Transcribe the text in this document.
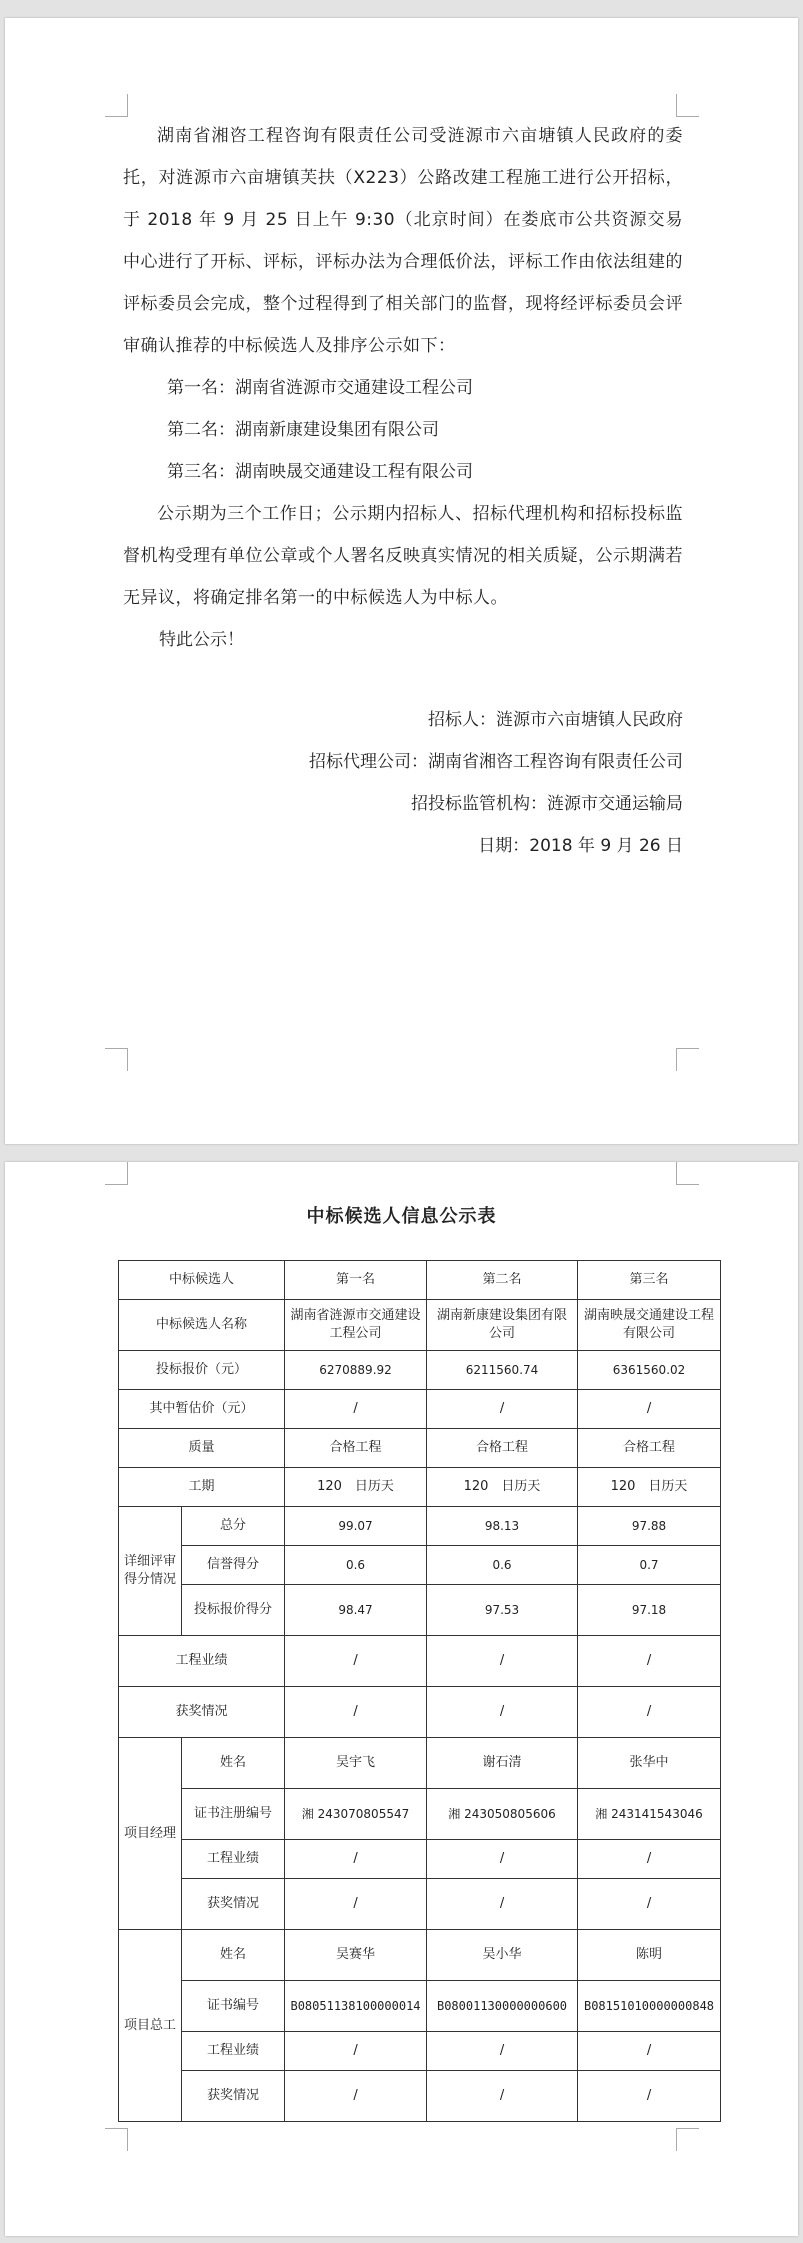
湖南省湘咨工程咨询有限责任公司受涟源市六亩塘镇人民政府的委托，对涟源市六亩塘镇芙扶（X223）公路改建工程施工进行公开招标，于 2018 年 9 月 25 日上午 9:30（北京时间）在娄底市公共资源交易中心进行了开标、评标，评标办法为合理低价法，评标工作由依法组建的评标委员会完成，整个过程得到了相关部门的监督，现将经评标委员会评审确认推荐的中标候选人及排序公示如下：

第一名：湖南省涟源市交通建设工程公司

第二名：湖南新康建设集团有限公司

第三名：湖南映晟交通建设工程有限公司

公示期为三个工作日；公示期内招标人、招标代理机构和招标投标监督机构受理有单位公章或个人署名反映真实情况的相关质疑，公示期满若无异议，将确定排名第一的中标候选人为中标人。

特此公示！

招标人：涟源市六亩塘镇人民政府
招标代理公司：湖南省湘咨工程咨询有限责任公司
招投标监管机构：涟源市交通运输局
日期：2018 年 9 月 26 日
中标候选人信息公示表
中标候选人		第一名	第二名	第三名
中标候选人名称		湖南省涟源市交通建设工程公司	湖南新康建设集团有限公司	湖南映晟交通建设工程有限公司
投标报价（元）		6270889.92	6211560.74	6361560.02
其中暂估价（元）		/	/	/
质量		合格工程	合格工程	合格工程
工期		120　日历天	120　日历天	120　日历天
详细评审得分情况	总分	99.07	98.13	97.88
	信誉得分	0.6	0.6	0.7
	投标报价得分	98.47	97.53	97.18
工程业绩		/	/	/
获奖情况		/	/	/
项目经理	姓名	吴宇飞	谢石清	张华中
	证书注册编号	湘 243070805547	湘 243050805606	湘 243141543046
	工程业绩	/	/	/
	获奖情况	/	/	/
项目总工	姓名	吴赛华	吴小华	陈明
	证书编号	B08051138100000014	B08001130000000600	B08151010000000848
	工程业绩	/	/	/
	获奖情况	/	/	/
